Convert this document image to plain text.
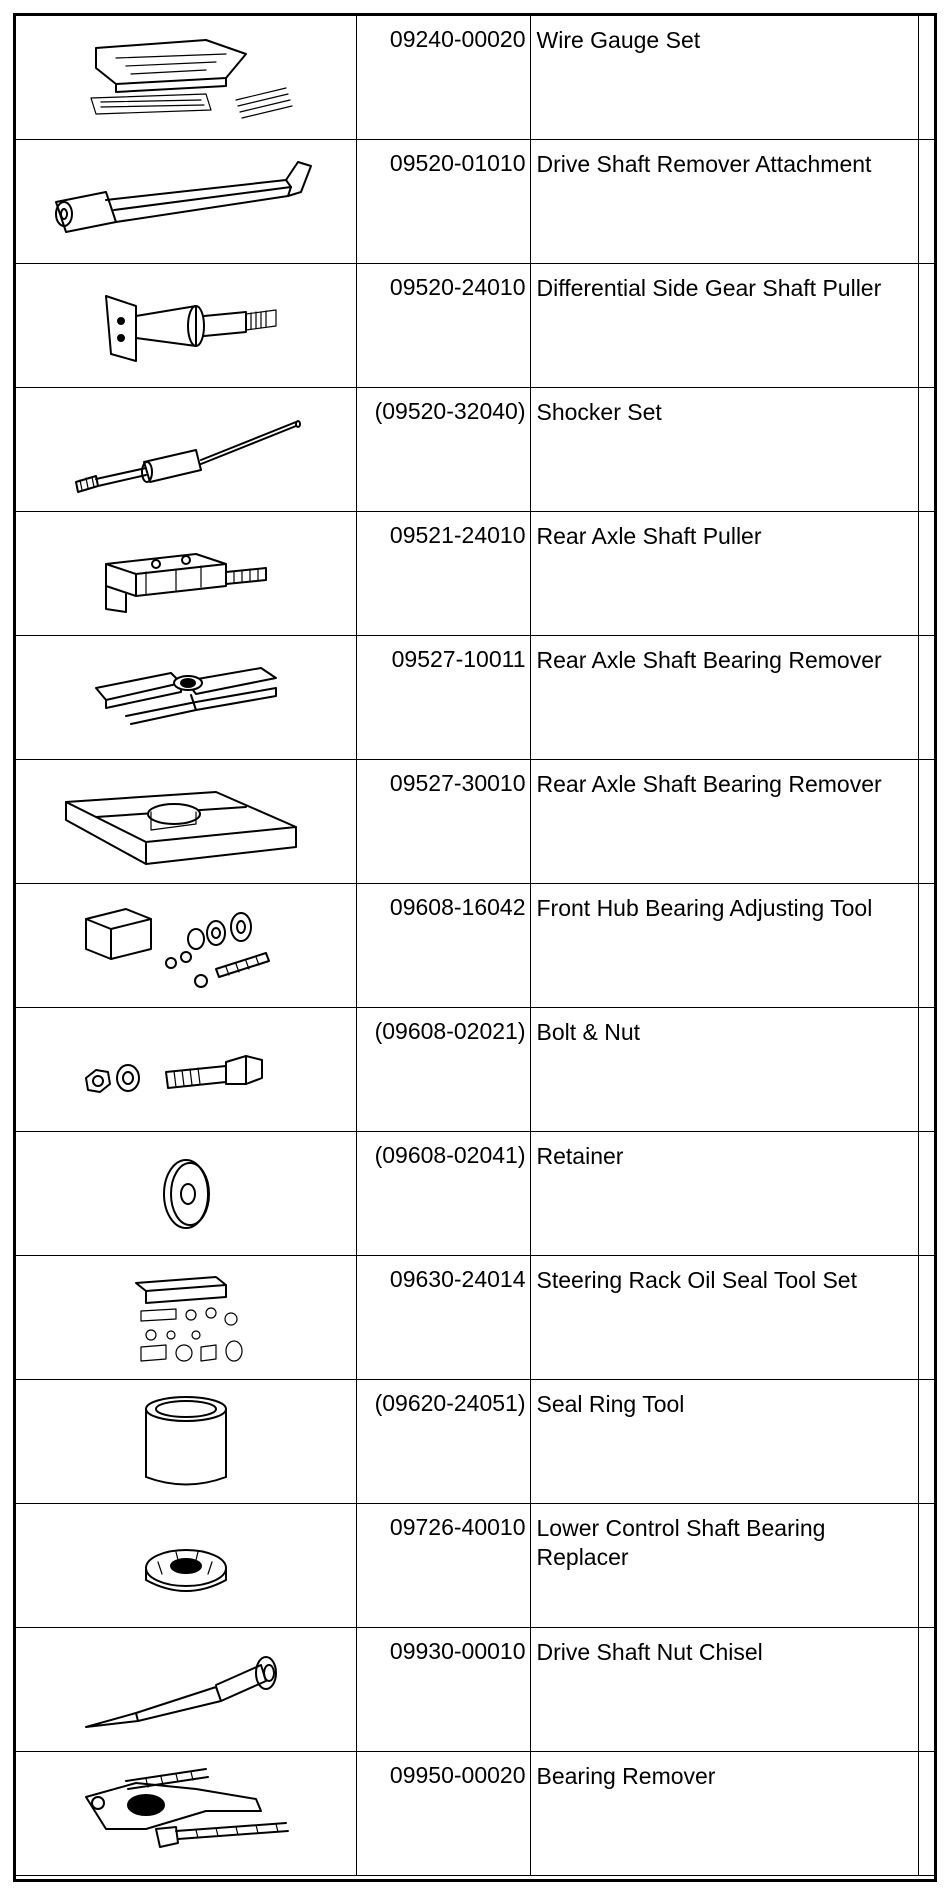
	09240-00020	Wire Gauge Set	

	09520-01010	Drive Shaft Remover Attachment	

	09520-24010	Differential Side Gear Shaft Puller	

	(09520-32040)	Shocker Set	

	09521-24010	Rear Axle Shaft Puller	

	09527-10011	Rear Axle Shaft Bearing Remover	

	09527-30010	Rear Axle Shaft Bearing Remover	

	09608-16042	Front Hub Bearing Adjusting Tool	

	(09608-02021)	Bolt & Nut	

	(09608-02041)	Retainer	

	09630-24014	Steering Rack Oil Seal Tool Set	

	(09620-24051)	Seal Ring Tool	

	09726-40010	Lower Control Shaft Bearing Replacer	

	09930-00010	Drive Shaft Nut Chisel	

	09950-00020	Bearing Remover	
